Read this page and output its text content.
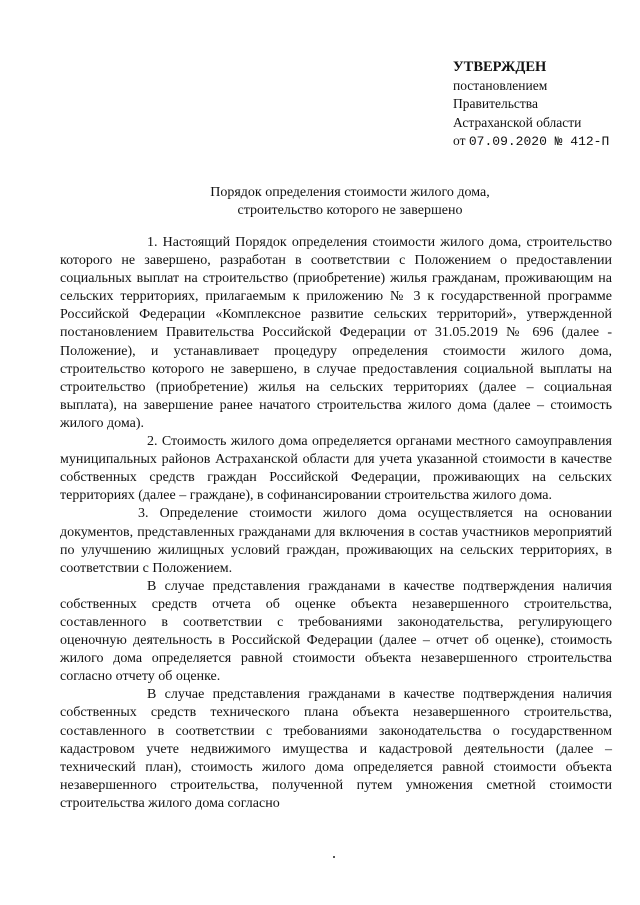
УТВЕРЖДЕН
постановлением
Правительства
Астраханской области
от 07.09.2020 № 412-П
Порядок определения стоимости жилого дома,
строительство которого не завершено

1. Настоящий Порядок определения стоимости жилого дома, строительство которого не завершено, разработан в соответствии с Положением о предоставлении социальных выплат на строительство (приобретение) жилья гражданам, проживающим на сельских территориях, прилагаемым к приложению № 3 к государственной программе Российской Федерации «Комплексное развитие сельских территорий», утвержденной постановлением Правительства Российской Федерации от 31.05.2019 № 696 (далее - Положение), и устанавливает процедуру определения стоимости жилого дома, строительство которого не завершено, в случае предоставления социальной выплаты на строительство (приобретение) жилья на сельских территориях (далее – социальная выплата), на завершение ранее начатого строительства жилого дома (далее – стоимость жилого дома).

2. Стоимость жилого дома определяется органами местного самоуправления муниципальных районов Астраханской области для учета указанной стоимости в качестве собственных средств граждан Российской Федерации, проживающих на сельских территориях (далее – граждане), в софинансировании строительства жилого дома.

3. Определение стоимости жилого дома осуществляется на основании документов, представленных гражданами для включения в состав участников мероприятий по улучшению жилищных условий граждан, проживающих на сельских территориях, в соответствии с Положением.

В случае представления гражданами в качестве подтверждения наличия собственных средств отчета об оценке объекта незавершенного строительства, составленного в соответствии с требованиями законодательства, регулирующего оценочную деятельность в Российской Федерации (далее – отчет об оценке), стоимость жилого дома определяется равной стоимости объекта незавершенного строительства согласно отчету об оценке.

В случае представления гражданами в качестве подтверждения наличия собственных средств технического плана объекта незавершенного строительства, составленного в соответствии с требованиями законодательства о государственном кадастровом учете недвижимого имущества и кадастровой деятельности (далее – технический план), стоимость жилого дома определяется равной стоимости объекта незавершенного строительства, полученной путем умножения сметной стоимости строительства жилого дома согласно
